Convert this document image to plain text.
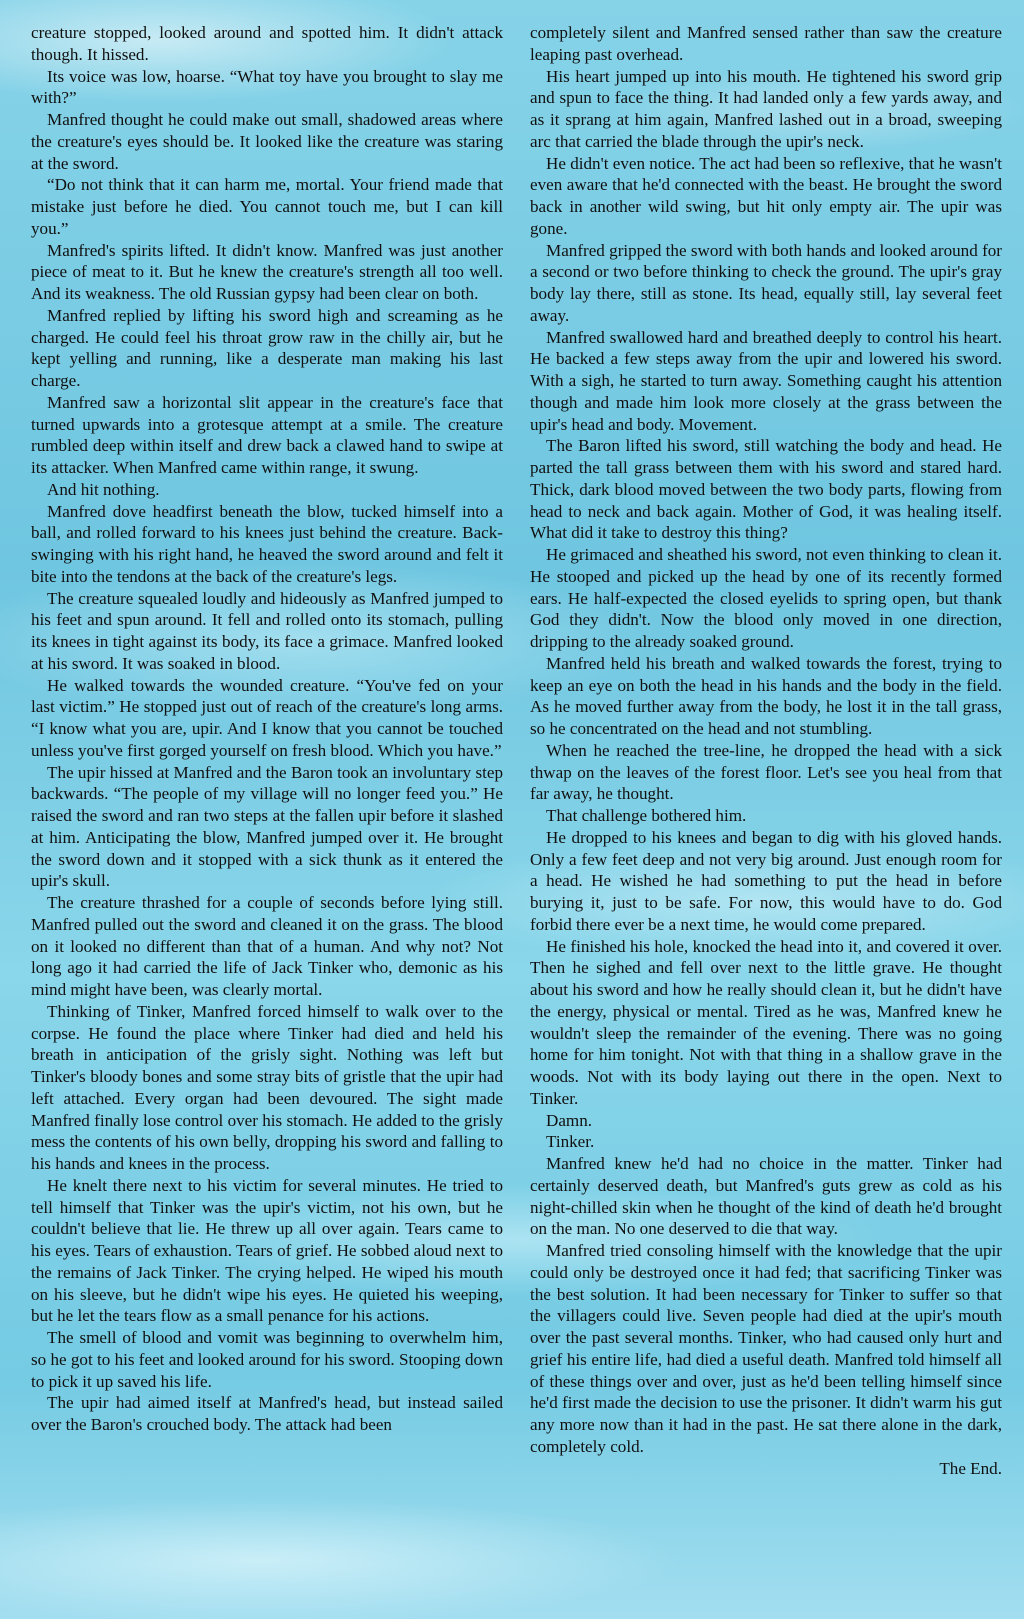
creature stopped, looked around and spotted him. It didn't attack though. It hissed.

Its voice was low, hoarse. “What toy have you brought to slay me with?”

Manfred thought he could make out small, shadowed areas where the creature's eyes should be. It looked like the creature was staring at the sword.

“Do not think that it can harm me, mortal. Your friend made that mistake just before he died. You cannot touch me, but I can kill you.”

Manfred's spirits lifted. It didn't know. Manfred was just another piece of meat to it. But he knew the creature's strength all too well. And its weakness. The old Russian gypsy had been clear on both.

Manfred replied by lifting his sword high and screaming as he charged. He could feel his throat grow raw in the chilly air, but he kept yelling and running, like a desperate man making his last charge.

Manfred saw a horizontal slit appear in the creature's face that turned upwards into a grotesque attempt at a smile. The creature rumbled deep within itself and drew back a clawed hand to swipe at its attacker. When Manfred came within range, it swung.

And hit nothing.

Manfred dove headfirst beneath the blow, tucked himself into a ball, and rolled forward to his knees just behind the creature. Back-swinging with his right hand, he heaved the sword around and felt it bite into the tendons at the back of the creature's legs.

The creature squealed loudly and hideously as Manfred jumped to his feet and spun around. It fell and rolled onto its stomach, pulling its knees in tight against its body, its face a grimace. Manfred looked at his sword. It was soaked in blood.

He walked towards the wounded creature. “You've fed on your last victim.” He stopped just out of reach of the creature's long arms. “I know what you are, upir. And I know that you cannot be touched unless you've first gorged yourself on fresh blood. Which you have.”

The upir hissed at Manfred and the Baron took an involuntary step backwards. “The people of my village will no longer feed you.” He raised the sword and ran two steps at the fallen upir before it slashed at him. Anticipating the blow, Manfred jumped over it. He brought the sword down and it stopped with a sick thunk as it entered the upir's skull.

The creature thrashed for a couple of seconds before lying still. Manfred pulled out the sword and cleaned it on the grass. The blood on it looked no different than that of a human. And why not? Not long ago it had carried the life of Jack Tinker who, demonic as his mind might have been, was clearly mortal.

Thinking of Tinker, Manfred forced himself to walk over to the corpse. He found the place where Tinker had died and held his breath in anticipation of the grisly sight. Nothing was left but Tinker's bloody bones and some stray bits of gristle that the upir had left attached. Every organ had been devoured. The sight made Manfred finally lose control over his stomach. He added to the grisly mess the contents of his own belly, dropping his sword and falling to his hands and knees in the process.

He knelt there next to his victim for several minutes. He tried to tell himself that Tinker was the upir's victim, not his own, but he couldn't believe that lie. He threw up all over again. Tears came to his eyes. Tears of exhaustion. Tears of grief. He sobbed aloud next to the remains of Jack Tinker. The crying helped. He wiped his mouth on his sleeve, but he didn't wipe his eyes. He quieted his weeping, but he let the tears flow as a small penance for his actions.

The smell of blood and vomit was beginning to overwhelm him, so he got to his feet and looked around for his sword. Stooping down to pick it up saved his life.

The upir had aimed itself at Manfred's head, but instead sailed over the Baron's crouched body. The attack had been

completely silent and Manfred sensed rather than saw the creature leaping past overhead.

His heart jumped up into his mouth. He tightened his sword grip and spun to face the thing. It had landed only a few yards away, and as it sprang at him again, Manfred lashed out in a broad, sweeping arc that carried the blade through the upir's neck.

He didn't even notice. The act had been so reflexive, that he wasn't even aware that he'd connected with the beast. He brought the sword back in another wild swing, but hit only empty air. The upir was gone.

Manfred gripped the sword with both hands and looked around for a second or two before thinking to check the ground. The upir's gray body lay there, still as stone. Its head, equally still, lay several feet away.

Manfred swallowed hard and breathed deeply to control his heart. He backed a few steps away from the upir and lowered his sword. With a sigh, he started to turn away. Something caught his attention though and made him look more closely at the grass between the upir's head and body. Movement.

The Baron lifted his sword, still watching the body and head. He parted the tall grass between them with his sword and stared hard. Thick, dark blood moved between the two body parts, flowing from head to neck and back again. Mother of God, it was healing itself. What did it take to destroy this thing?

He grimaced and sheathed his sword, not even thinking to clean it. He stooped and picked up the head by one of its recently formed ears. He half-expected the closed eyelids to spring open, but thank God they didn't. Now the blood only moved in one direction, dripping to the already soaked ground.

Manfred held his breath and walked towards the forest, trying to keep an eye on both the head in his hands and the body in the field. As he moved further away from the body, he lost it in the tall grass, so he concentrated on the head and not stumbling.

When he reached the tree-line, he dropped the head with a sick thwap on the leaves of the forest floor. Let's see you heal from that far away, he thought.

That challenge bothered him.

He dropped to his knees and began to dig with his gloved hands. Only a few feet deep and not very big around. Just enough room for a head. He wished he had something to put the head in before burying it, just to be safe. For now, this would have to do. God forbid there ever be a next time, he would come prepared.

He finished his hole, knocked the head into it, and covered it over. Then he sighed and fell over next to the little grave. He thought about his sword and how he really should clean it, but he didn't have the energy, physical or mental. Tired as he was, Manfred knew he wouldn't sleep the remainder of the evening. There was no going home for him tonight. Not with that thing in a shallow grave in the woods. Not with its body laying out there in the open. Next to Tinker.

Damn.

Tinker.

Manfred knew he'd had no choice in the matter. Tinker had certainly deserved death, but Manfred's guts grew as cold as his night-chilled skin when he thought of the kind of death he'd brought on the man. No one deserved to die that way.

Manfred tried consoling himself with the knowledge that the upir could only be destroyed once it had fed; that sacrificing Tinker was the best solution. It had been necessary for Tinker to suffer so that the villagers could live. Seven people had died at the upir's mouth over the past several months. Tinker, who had caused only hurt and grief his entire life, had died a useful death. Manfred told himself all of these things over and over, just as he'd been telling himself since he'd first made the decision to use the prisoner. It didn't warm his gut any more now than it had in the past. He sat there alone in the dark, completely cold.

The End.
